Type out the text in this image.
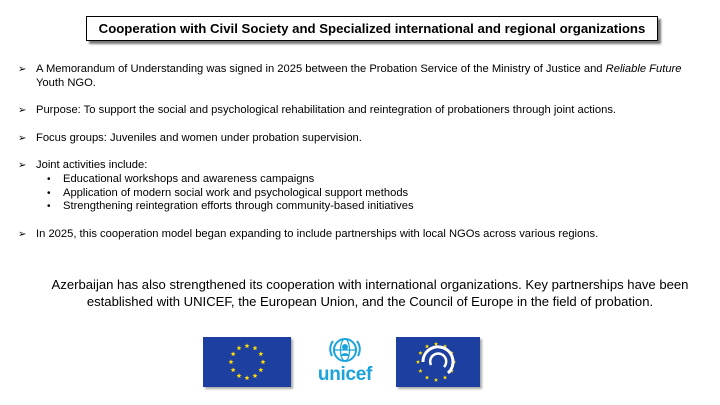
Cooperation with Civil Society and Specialized international and regional organizations
➢ A Memorandum of Understanding was signed in 2025 between the Probation Service of the Ministry of Justice and Reliable Future Youth NGO.
➢ Purpose: To support the social and psychological rehabilitation and reintegration of probationers through joint actions.
➢ Focus groups: Juveniles and women under probation supervision.
➢ Joint activities include:
• Educational workshops and awareness campaigns
• Application of modern social work and psychological support methods
• Strengthening reintegration efforts through community-based initiatives
➢ In 2025, this cooperation model began expanding to include partnerships with local NGOs across various regions.
Azerbaijan has also strengthened its cooperation with international organizations. Key partnerships have been established with UNICEF, the European Union, and the Council of Europe in the field of probation.
unicef
